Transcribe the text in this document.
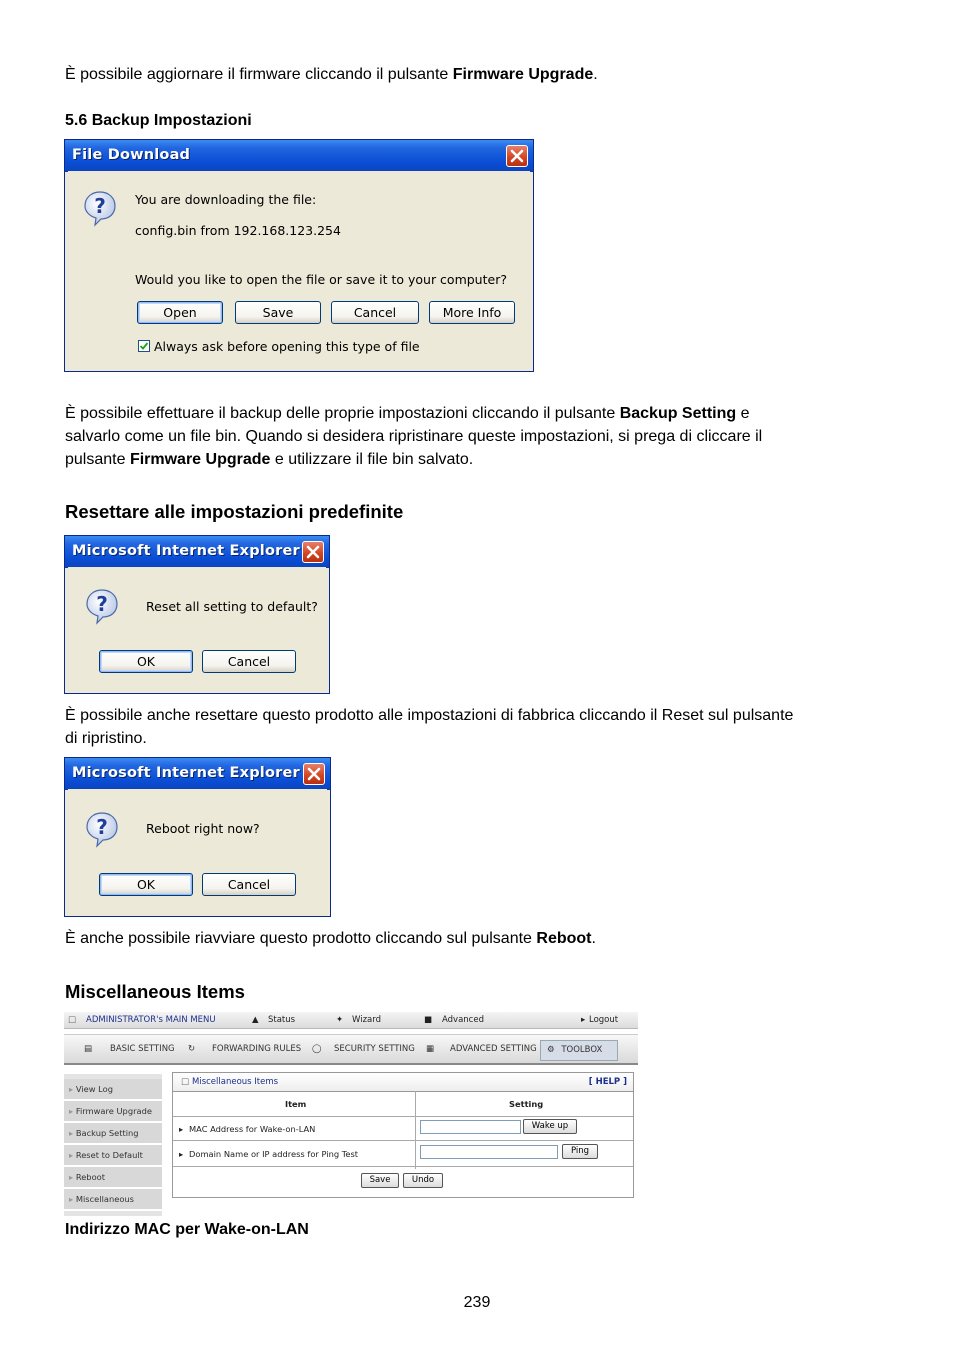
È possibile aggiornare il firmware cliccando il pulsante Firmware Upgrade.
5.6 Backup Impostazioni
File Download
? You are downloading the file:
config.bin from 192.168.123.254
Would you like to open the file or save it to your computer?
Open	Save	Cancel	More Info
Always ask before opening this type of file
È possibile effettuare il backup delle proprie impostazioni cliccando il pulsante Backup Setting e
salvarlo come un file bin. Quando si desidera ripristinare queste impostazioni, si prega di cliccare il
pulsante Firmware Upgrade e utilizzare il file bin salvato.
Resettare alle impostazioni predefinite
Microsoft Internet Explorer
?	Reset all setting to default?
OK	Cancel
È possibile anche resettare questo prodotto alle impostazioni di fabbrica cliccando il Reset sul pulsante
di ripristino.
Microsoft Internet Explorer
?	Reboot right now?
OK	Cancel
È anche possibile riavviare questo prodotto cliccando sul pulsante Reboot.
Miscellaneous Items
□ ADMINISTRATOR's MAIN MENU	▲ Status	✦ Wizard	■ Advanced	▸ Logout
▤ BASIC SETTING ↻ FORWARDING RULES ◯ SECURITY SETTING ▦ ADVANCED SETTING	⚙ TOOLBOX
▸ View Log
▸ Firmware Upgrade
▸ Backup Setting
▸ Reset to Default
▸ Reboot
▸ Miscellaneous
□ Miscellaneous Items	[ HELP ]
Item	Setting
▸ MAC Address for Wake-on-LAN	Wake up
▸ Domain Name or IP address for Ping Test	Ping
Save	Undo
Indirizzo MAC per Wake-on-LAN
239
